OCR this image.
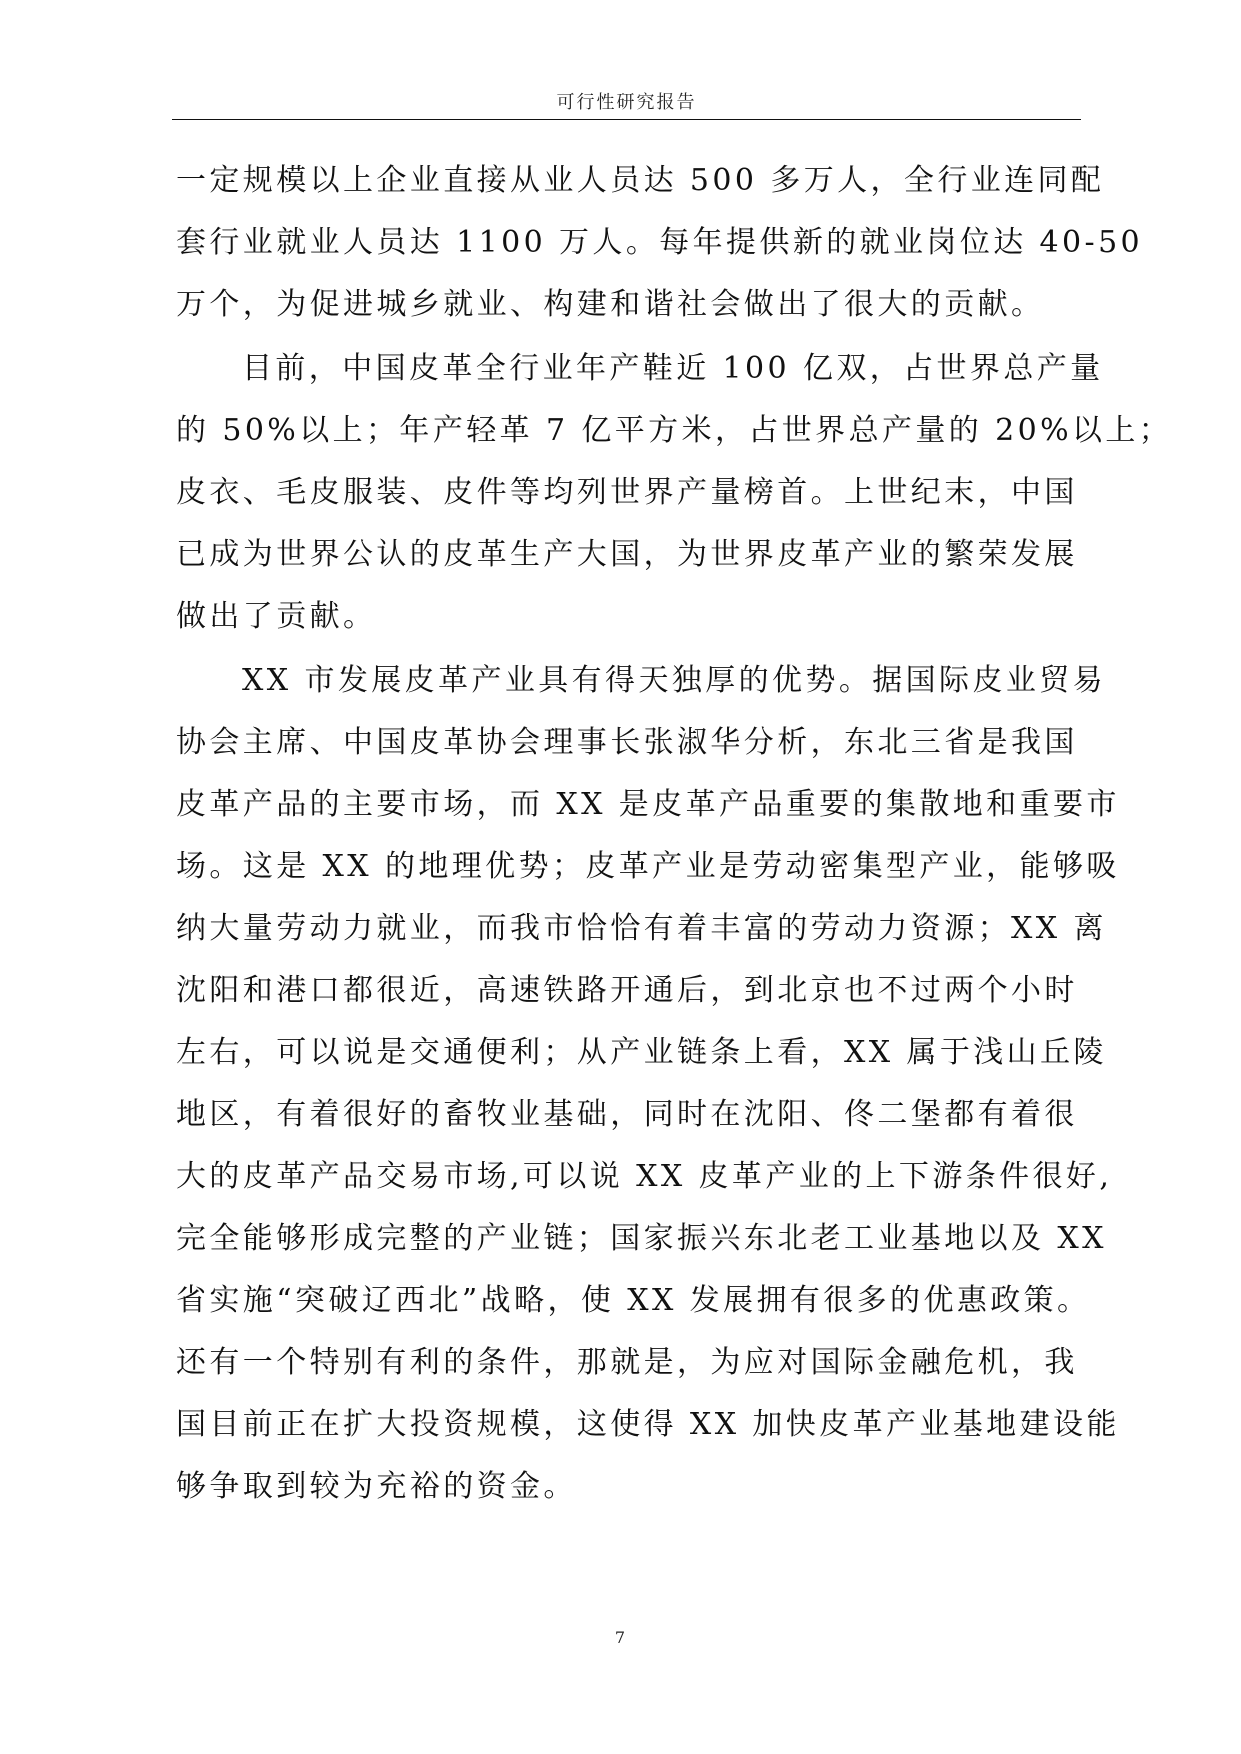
可行性研究报告
一定规模以上企业直接从业人员达 500 多万人，全行业连同配
套行业就业人员达 1100 万人。每年提供新的就业岗位达 40-50
万个，为促进城乡就业、构建和谐社会做出了很大的贡献。
目前，中国皮革全行业年产鞋近 100 亿双，占世界总产量
的 50%以上；年产轻革 7 亿平方米，占世界总产量的 20%以上；
皮衣、毛皮服装、皮件等均列世界产量榜首。上世纪末，中国
已成为世界公认的皮革生产大国，为世界皮革产业的繁荣发展
做出了贡献。
XX 市发展皮革产业具有得天独厚的优势。据国际皮业贸易
协会主席、中国皮革协会理事长张淑华分析，东北三省是我国
皮革产品的主要市场，而 XX 是皮革产品重要的集散地和重要市
场。这是 XX 的地理优势；皮革产业是劳动密集型产业，能够吸
纳大量劳动力就业，而我市恰恰有着丰富的劳动力资源；XX 离
沈阳和港口都很近，高速铁路开通后，到北京也不过两个小时
左右，可以说是交通便利；从产业链条上看，XX 属于浅山丘陵
地区，有着很好的畜牧业基础，同时在沈阳、佟二堡都有着很
大的皮革产品交易市场,可以说 XX 皮革产业的上下游条件很好,
完全能够形成完整的产业链；国家振兴东北老工业基地以及 XX
省实施“突破辽西北”战略，使 XX 发展拥有很多的优惠政策。
还有一个特别有利的条件，那就是，为应对国际金融危机，我
国目前正在扩大投资规模，这使得 XX 加快皮革产业基地建设能
够争取到较为充裕的资金。
7
